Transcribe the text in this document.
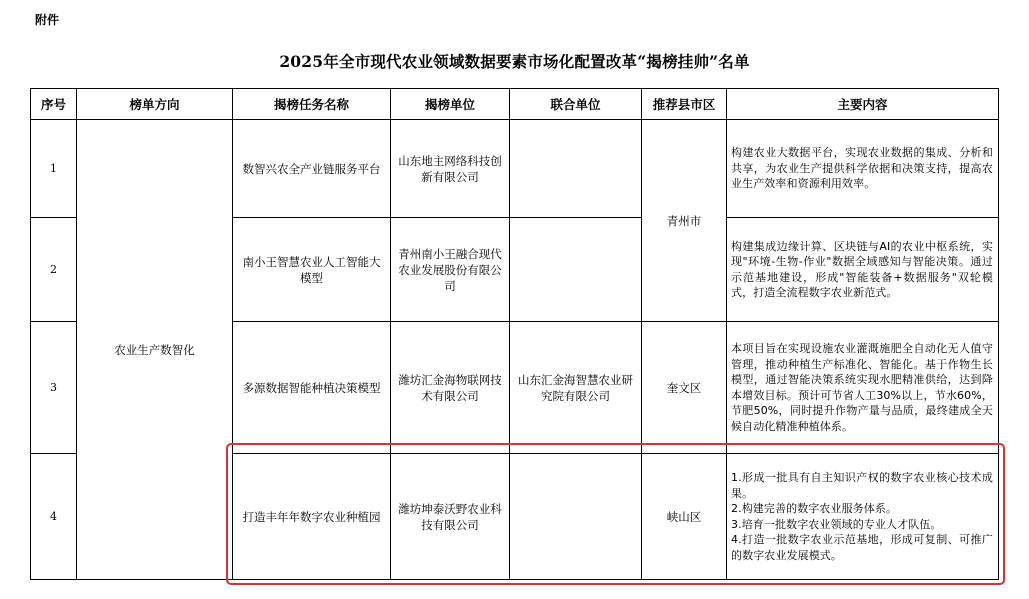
附件
2025年全市现代农业领域数据要素市场化配置改革“揭榜挂帅”名单
序号	榜单方向	揭榜任务名称	揭榜单位	联合单位	推荐县市区	主要内容
1	农业生产数智化	数智兴农全产业链服务平台	山东地主网络科技创新有限公司		青州市	构建农业大数据平台，实现农业数据的集成、分析和共享，为农业生产提供科学依据和决策支持，提高农业生产效率和资源利用效率。

2		南小王智慧农业人工智能大模型	青州南小王融合现代农业发展股份有限公司			构建集成边缘计算、区块链与AI的农业中枢系统，实现"环境-生物-作业"数据全域感知与智能决策。通过示范基地建设，形成"智能装备+数据服务"双轮模式，打造全流程数字农业新范式。

3		多源数据智能种植决策模型	潍坊汇金海物联网技术有限公司	山东汇金海智慧农业研究院有限公司	奎文区	本项目旨在实现设施农业灌溉施肥全自动化无人值守管理，推动种植生产标准化、智能化。基于作物生长模型，通过智能决策系统实现水肥精准供给，达到降本增效目标。预计可节省人工30%以上，节水60%，节肥50%，同时提升作物产量与品质，最终建成全天候自动化精准种植体系。

4		打造丰年年数字农业种植园	潍坊坤泰沃野农业科技有限公司		峡山区	1.形成一批具有自主知识产权的数字农业核心技术成果。
2.构建完善的数字农业服务体系。
3.培育一批数字农业领域的专业人才队伍。
4.打造一批数字农业示范基地，形成可复制、可推广的数字农业发展模式。
